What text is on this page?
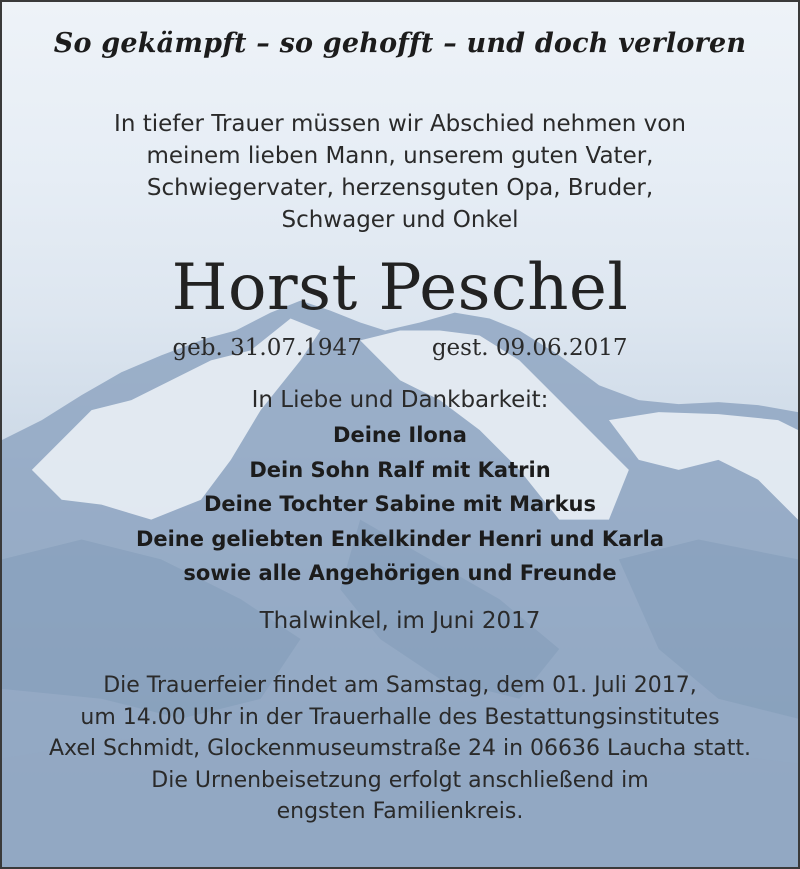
So gekämpft – so gehofft – und doch verloren
In tiefer Trauer müssen wir Abschied nehmen von
meinem lieben Mann, unserem guten Vater,
Schwiegervater, herzensguten Opa, Bruder,
Schwager und Onkel
Horst Peschel
geb. 31.07.1947	gest. 09.06.2017
In Liebe und Dankbarkeit:
Deine Ilona
Dein Sohn Ralf mit Katrin
Deine Tochter Sabine mit Markus
Deine geliebten Enkelkinder Henri und Karla
sowie alle Angehörigen und Freunde
Thalwinkel, im Juni 2017
Die Trauerfeier findet am Samstag, dem 01. Juli 2017,
um 14.00 Uhr in der Trauerhalle des Bestattungsinstitutes
Axel Schmidt, Glockenmuseumstraße 24 in 06636 Laucha statt.
Die Urnenbeisetzung erfolgt anschließend im
engsten Familienkreis.
